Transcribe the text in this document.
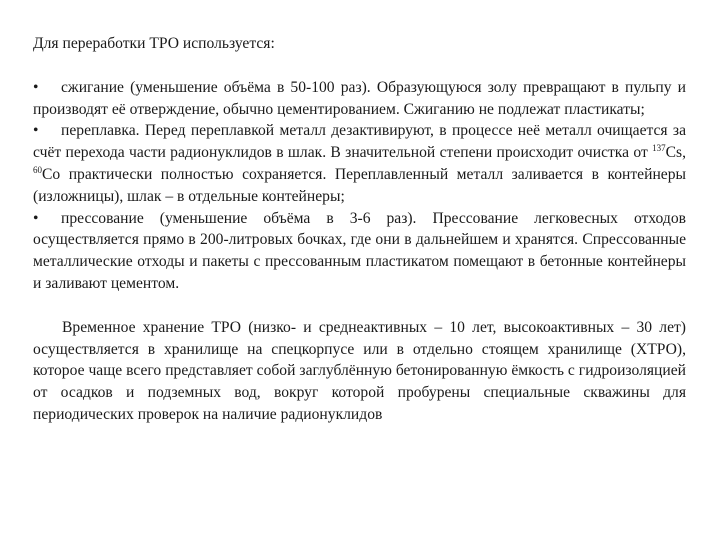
Для переработки ТРО используется:

• сжигание (уменьшение объёма в 50-100 раз). Образующуюся золу превращают в пульпу и производят её отверждение, обычно цементированием. Сжиганию не подлежат пластикаты;

• переплавка. Перед переплавкой металл дезактивируют, в процессе неё металл очищается за счёт перехода части радионуклидов в шлак. В значительной степени происходит очистка от $^{137}$Cs, $^{60}$Co практически полностью сохраняется. Переплавленный металл заливается в контейнеры (изложницы), шлак – в отдельные контейнеры;

• прессование (уменьшение объёма в 3-6 раз). Прессование легковесных отходов осуществляется прямо в 200-литровых бочках, где они в дальнейшем и хранятся. Спрессованные металлические отходы и пакеты с прессованным пластикатом помещают в бетонные контейнеры и заливают цементом.

Временное хранение ТРО (низко- и среднеактивных – 10 лет, высокоактивных – 30 лет) осуществляется в хранилище на спецкорпусе или в отдельно стоящем хранилище (ХТРО), которое чаще всего представляет собой заглублённую бетонированную ёмкость с гидроизоляцией от осадков и подземных вод, вокруг которой пробурены специальные скважины для периодических проверок на наличие радионуклидов
